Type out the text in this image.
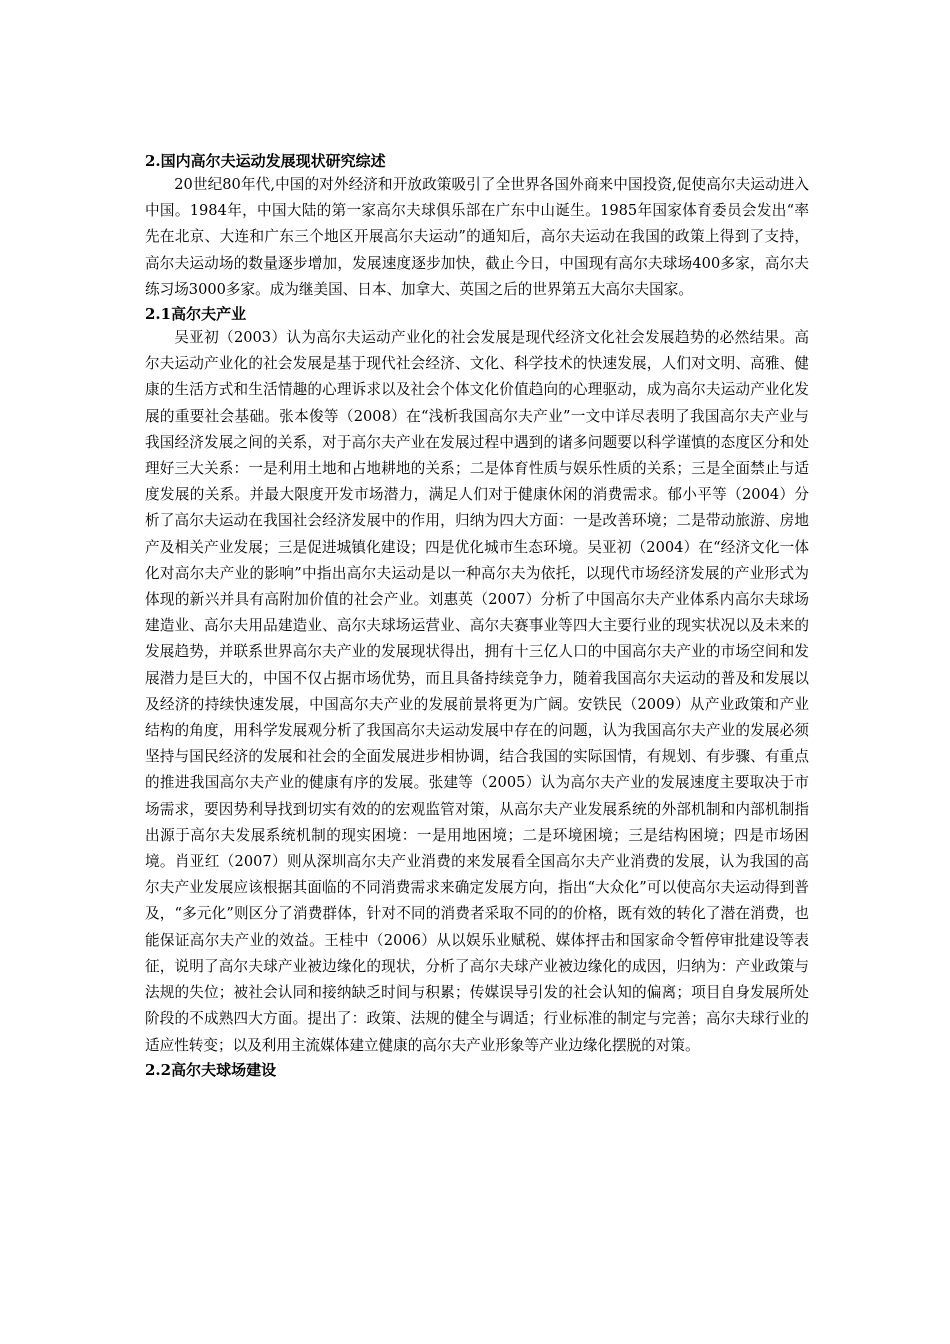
2.国内高尔夫运动发展现状研究综述

20世纪80年代,中国的对外经济和开放政策吸引了全世界各国外商来中国投资,促使高尔夫运动进入中国。1984年，中国大陆的第一家高尔夫球俱乐部在广东中山诞生。1985年国家体育委员会发出“率先在北京、大连和广东三个地区开展高尔夫运动”的通知后，高尔夫运动在我国的政策上得到了支持，高尔夫运动场的数量逐步增加，发展速度逐步加快，截止今日，中国现有高尔夫球场400多家，高尔夫练习场3000多家。成为继美国、日本、加拿大、英国之后的世界第五大高尔夫国家。

2.1高尔夫产业

吴亚初（2003）认为高尔夫运动产业化的社会发展是现代经济文化社会发展趋势的必然结果。高尔夫运动产业化的社会发展是基于现代社会经济、文化、科学技术的快速发展，人们对文明、高雅、健康的生活方式和生活情趣的心理诉求以及社会个体文化价值趋向的心理驱动，成为高尔夫运动产业化发展的重要社会基础。张本俊等（2008）在“浅析我国高尔夫产业”一文中详尽表明了我国高尔夫产业与我国经济发展之间的关系，对于高尔夫产业在发展过程中遇到的诸多问题要以科学谨慎的态度区分和处理好三大关系：一是利用土地和占地耕地的关系；二是体育性质与娱乐性质的关系；三是全面禁止与适度发展的关系。并最大限度开发市场潜力，满足人们对于健康休闲的消费需求。郁小平等（2004）分析了高尔夫运动在我国社会经济发展中的作用，归纳为四大方面：一是改善环境；二是带动旅游、房地产及相关产业发展；三是促进城镇化建设；四是优化城市生态环境。吴亚初（2004）在“经济文化一体化对高尔夫产业的影响”中指出高尔夫运动是以一种高尔夫为依托，以现代市场经济发展的产业形式为体现的新兴并具有高附加价值的社会产业。刘惠英（2007）分析了中国高尔夫产业体系内高尔夫球场建造业、高尔夫用品建造业、高尔夫球场运营业、高尔夫赛事业等四大主要行业的现实状况以及未来的发展趋势，并联系世界高尔夫产业的发展现状得出，拥有十三亿人口的中国高尔夫产业的市场空间和发展潜力是巨大的，中国不仅占据市场优势，而且具备持续竞争力，随着我国高尔夫运动的普及和发展以及经济的持续快速发展，中国高尔夫产业的发展前景将更为广阔。安铁民（2009）从产业政策和产业结构的角度，用科学发展观分析了我国高尔夫运动发展中存在的问题，认为我国高尔夫产业的发展必须坚持与国民经济的发展和社会的全面发展进步相协调，结合我国的实际国情，有规划、有步骤、有重点的推进我国高尔夫产业的健康有序的发展。张建等（2005）认为高尔夫产业的发展速度主要取决于市场需求，要因势利导找到切实有效的的宏观监管对策，从高尔夫产业发展系统的外部机制和内部机制指出源于高尔夫发展系统机制的现实困境：一是用地困境；二是环境困境；三是结构困境；四是市场困境。肖亚红（2007）则从深圳高尔夫产业消费的来发展看全国高尔夫产业消费的发展，认为我国的高尔夫产业发展应该根据其面临的不同消费需求来确定发展方向，指出“大众化”可以使高尔夫运动得到普及，“多元化”则区分了消费群体，针对不同的消费者采取不同的的价格，既有效的转化了潜在消费，也能保证高尔夫产业的效益。王桂中（2006）从以娱乐业赋税、媒体抨击和国家命令暂停审批建设等表征，说明了高尔夫球产业被边缘化的现状，分析了高尔夫球产业被边缘化的成因，归纳为：产业政策与法规的失位；被社会认同和接纳缺乏时间与积累；传媒误导引发的社会认知的偏离；项目自身发展所处阶段的不成熟四大方面。提出了：政策、法规的健全与调适；行业标准的制定与完善；高尔夫球行业的适应性转变；以及利用主流媒体建立健康的高尔夫产业形象等产业边缘化摆脱的对策。

2.2高尔夫球场建设
